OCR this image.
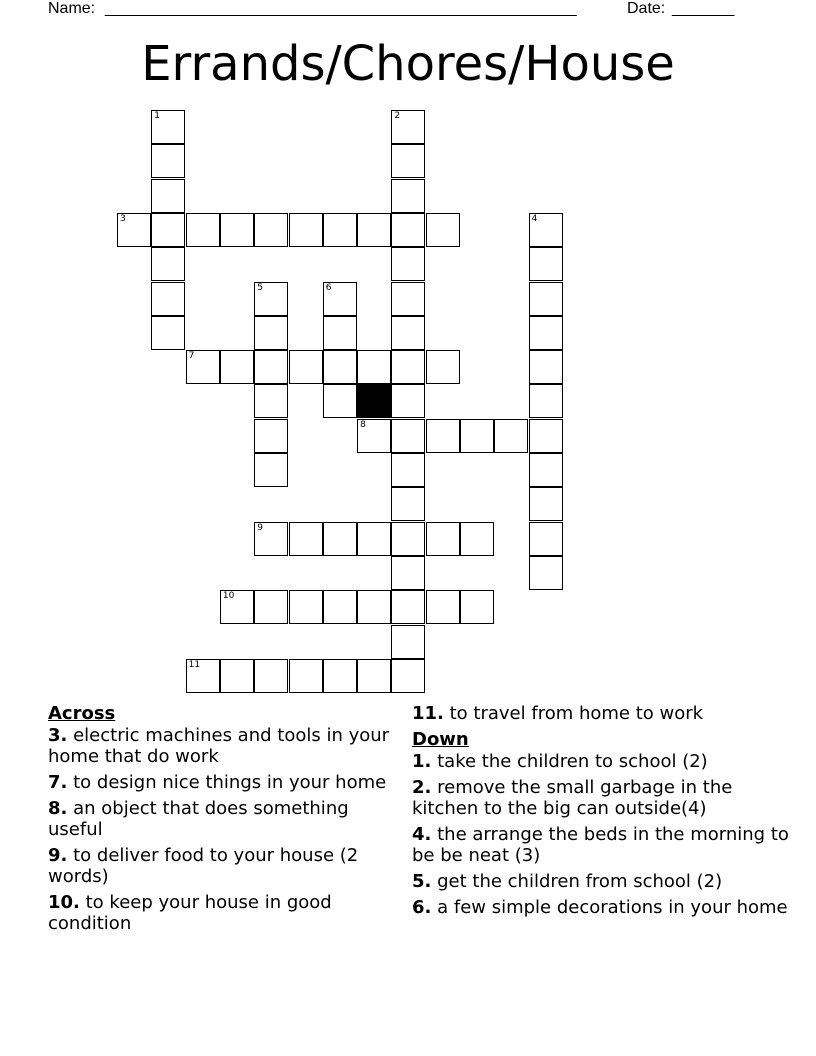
Name: _____________________________________________________	Date: _______
Errands/Chores/House
1	2
3	4
5	6
7
8
9
10
11
Across
3. electric machines and tools in your home that do work
7. to design nice things in your home
8. an object that does something useful
9. to deliver food to your house (2 words)
10. to keep your house in good condition
11. to travel from home to work
Down
1. take the children to school (2)
2. remove the small garbage in the kitchen to the big can outside(4)
4. the arrange the beds in the morning to be be neat (3)
5. get the children from school (2)
6. a few simple decorations in your home
